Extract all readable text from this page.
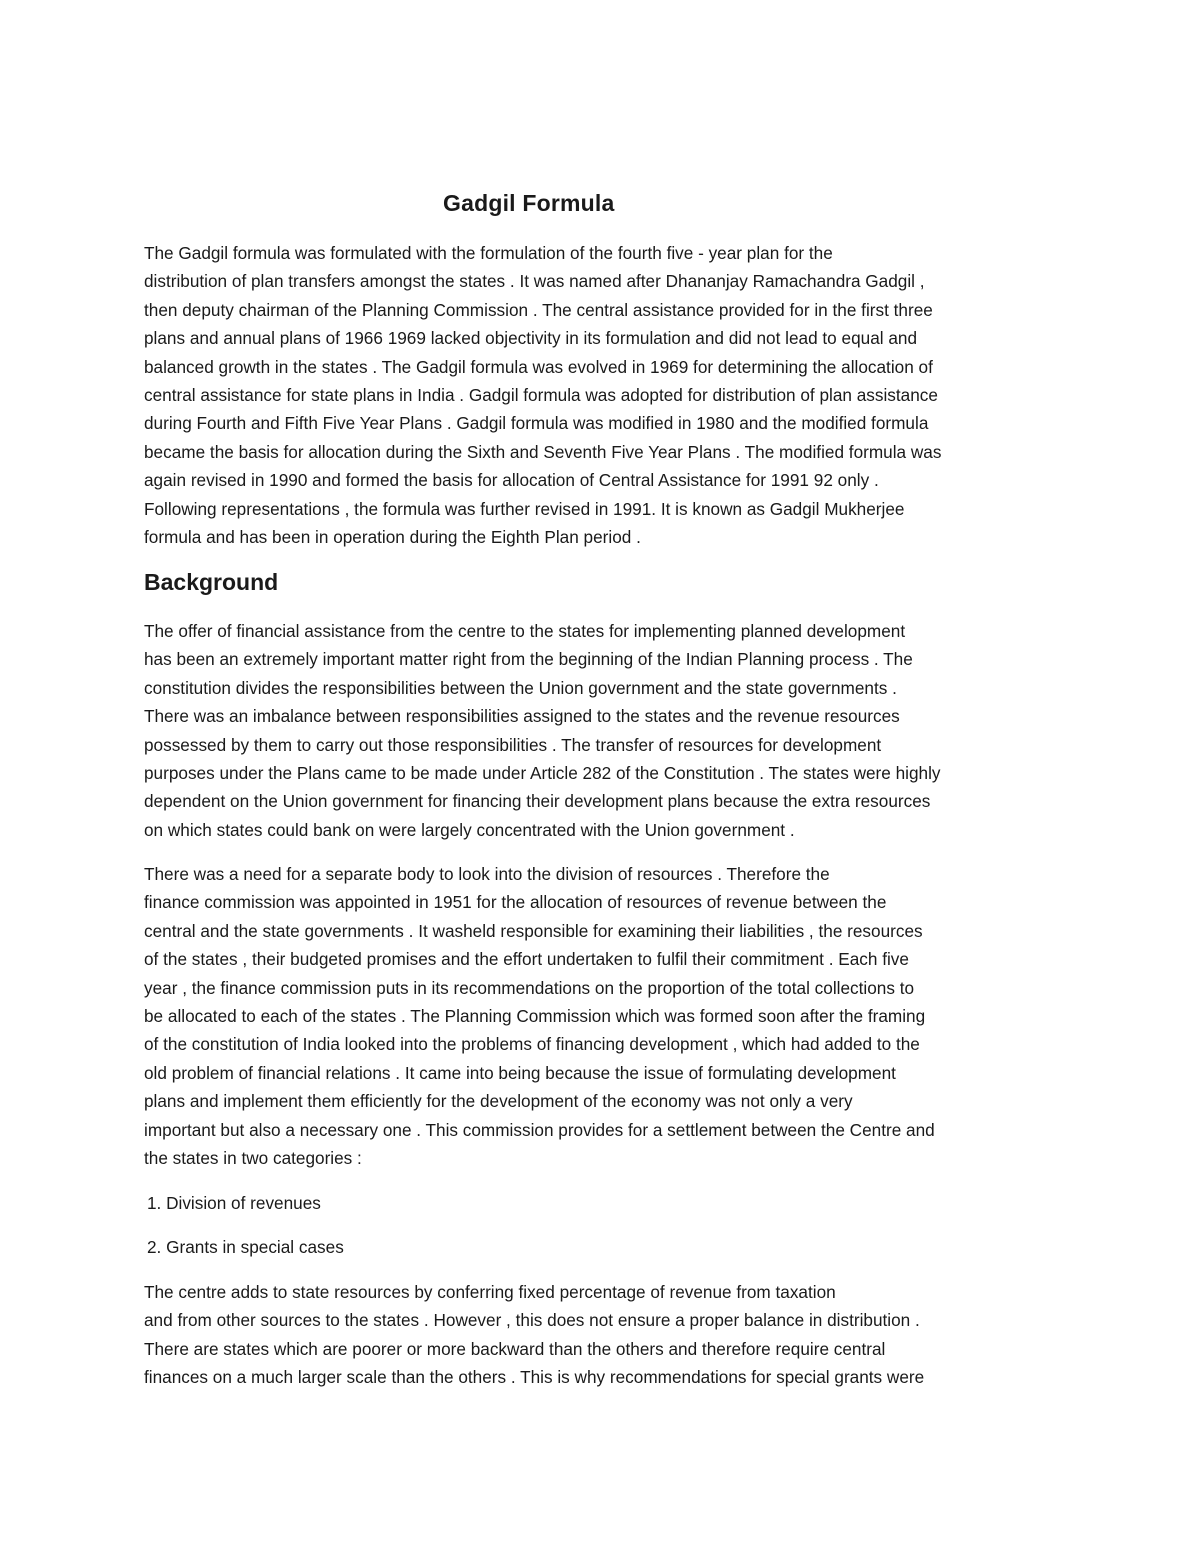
Gadgil Formula

The Gadgil formula was formulated with the formulation of the fourth five - year plan for the
distribution of plan transfers amongst the states . It was named after Dhananjay Ramachandra Gadgil ,
then deputy chairman of the Planning Commission . The central assistance provided for in the first three
plans and annual plans of 1966 1969 lacked objectivity in its formulation and did not lead to equal and
balanced growth in the states . The Gadgil formula was evolved in 1969 for determining the allocation of
central assistance for state plans in India . Gadgil formula was adopted for distribution of plan assistance
during Fourth and Fifth Five Year Plans . Gadgil formula was modified in 1980 and the modified formula
became the basis for allocation during the Sixth and Seventh Five Year Plans . The modified formula was
again revised in 1990 and formed the basis for allocation of Central Assistance for 1991 92 only .
Following representations , the formula was further revised in 1991. It is known as Gadgil Mukherjee
formula and has been in operation during the Eighth Plan period .

Background

The offer of financial assistance from the centre to the states for implementing planned development
has been an extremely important matter right from the beginning of the Indian Planning process . The
constitution divides the responsibilities between the Union government and the state governments .
There was an imbalance between responsibilities assigned to the states and the revenue resources
possessed by them to carry out those responsibilities . The transfer of resources for development
purposes under the Plans came to be made under Article 282 of the Constitution . The states were highly
dependent on the Union government for financing their development plans because the extra resources
on which states could bank on were largely concentrated with the Union government .

There was a need for a separate body to look into the division of resources . Therefore the
finance commission was appointed in 1951 for the allocation of resources of revenue between the
central and the state governments . It washeld responsible for examining their liabilities , the resources
of the states , their budgeted promises and the effort undertaken to fulfil their commitment . Each five
year , the finance commission puts in its recommendations on the proportion of the total collections to
be allocated to each of the states . The Planning Commission which was formed soon after the framing
of the constitution of India looked into the problems of financing development , which had added to the
old problem of financial relations . It came into being because the issue of formulating development
plans and implement them efficiently for the development of the economy was not only a very
important but also a necessary one . This commission provides for a settlement between the Centre and
the states in two categories :

1. Division of revenues

2. Grants in special cases

The centre adds to state resources by conferring fixed percentage of revenue from taxation
and from other sources to the states . However , this does not ensure a proper balance in distribution .
There are states which are poorer or more backward than the others and therefore require central
finances on a much larger scale than the others . This is why recommendations for special grants were
